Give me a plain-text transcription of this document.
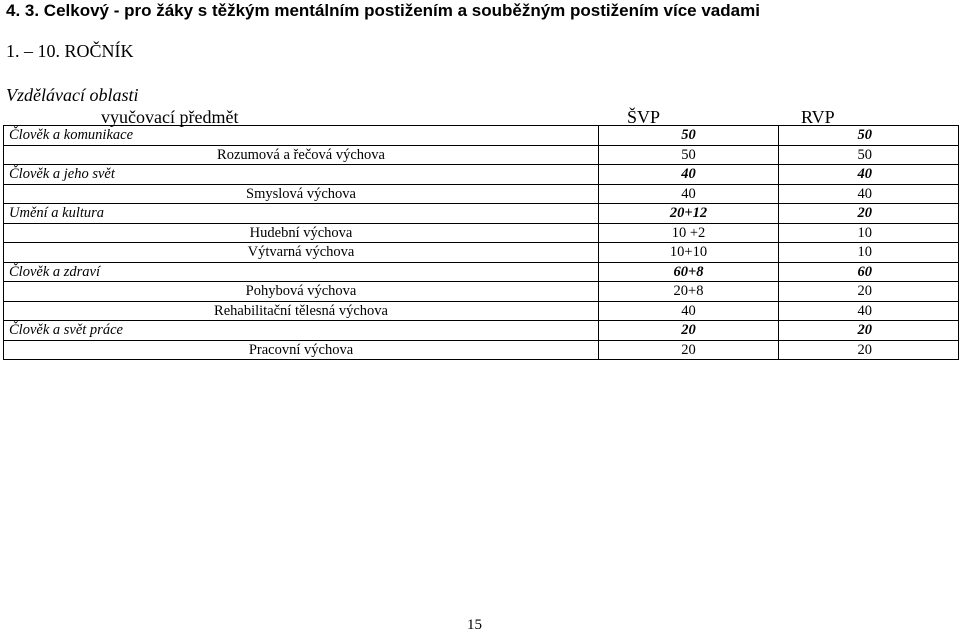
4. 3. Celkový - pro žáky s těžkým mentálním postižením a souběžným postižením více vadami
1. – 10. ROČNÍK
Vzdělávací oblasti
vyučovací předmět	ŠVP	RVP
Člověk a komunikace	50	50
Rozumová a řečová výchova	50	50
Člověk a jeho svět	40	40
Smyslová výchova	40	40
Umění a kultura	20+12	20
Hudební výchova	10 +2	10
Výtvarná výchova	10+10	10
Člověk a zdraví	60+8	60
Pohybová výchova	20+8	20
Rehabilitační tělesná výchova	40	40
Člověk a svět práce	20	20
Pracovní výchova	20	20
15
